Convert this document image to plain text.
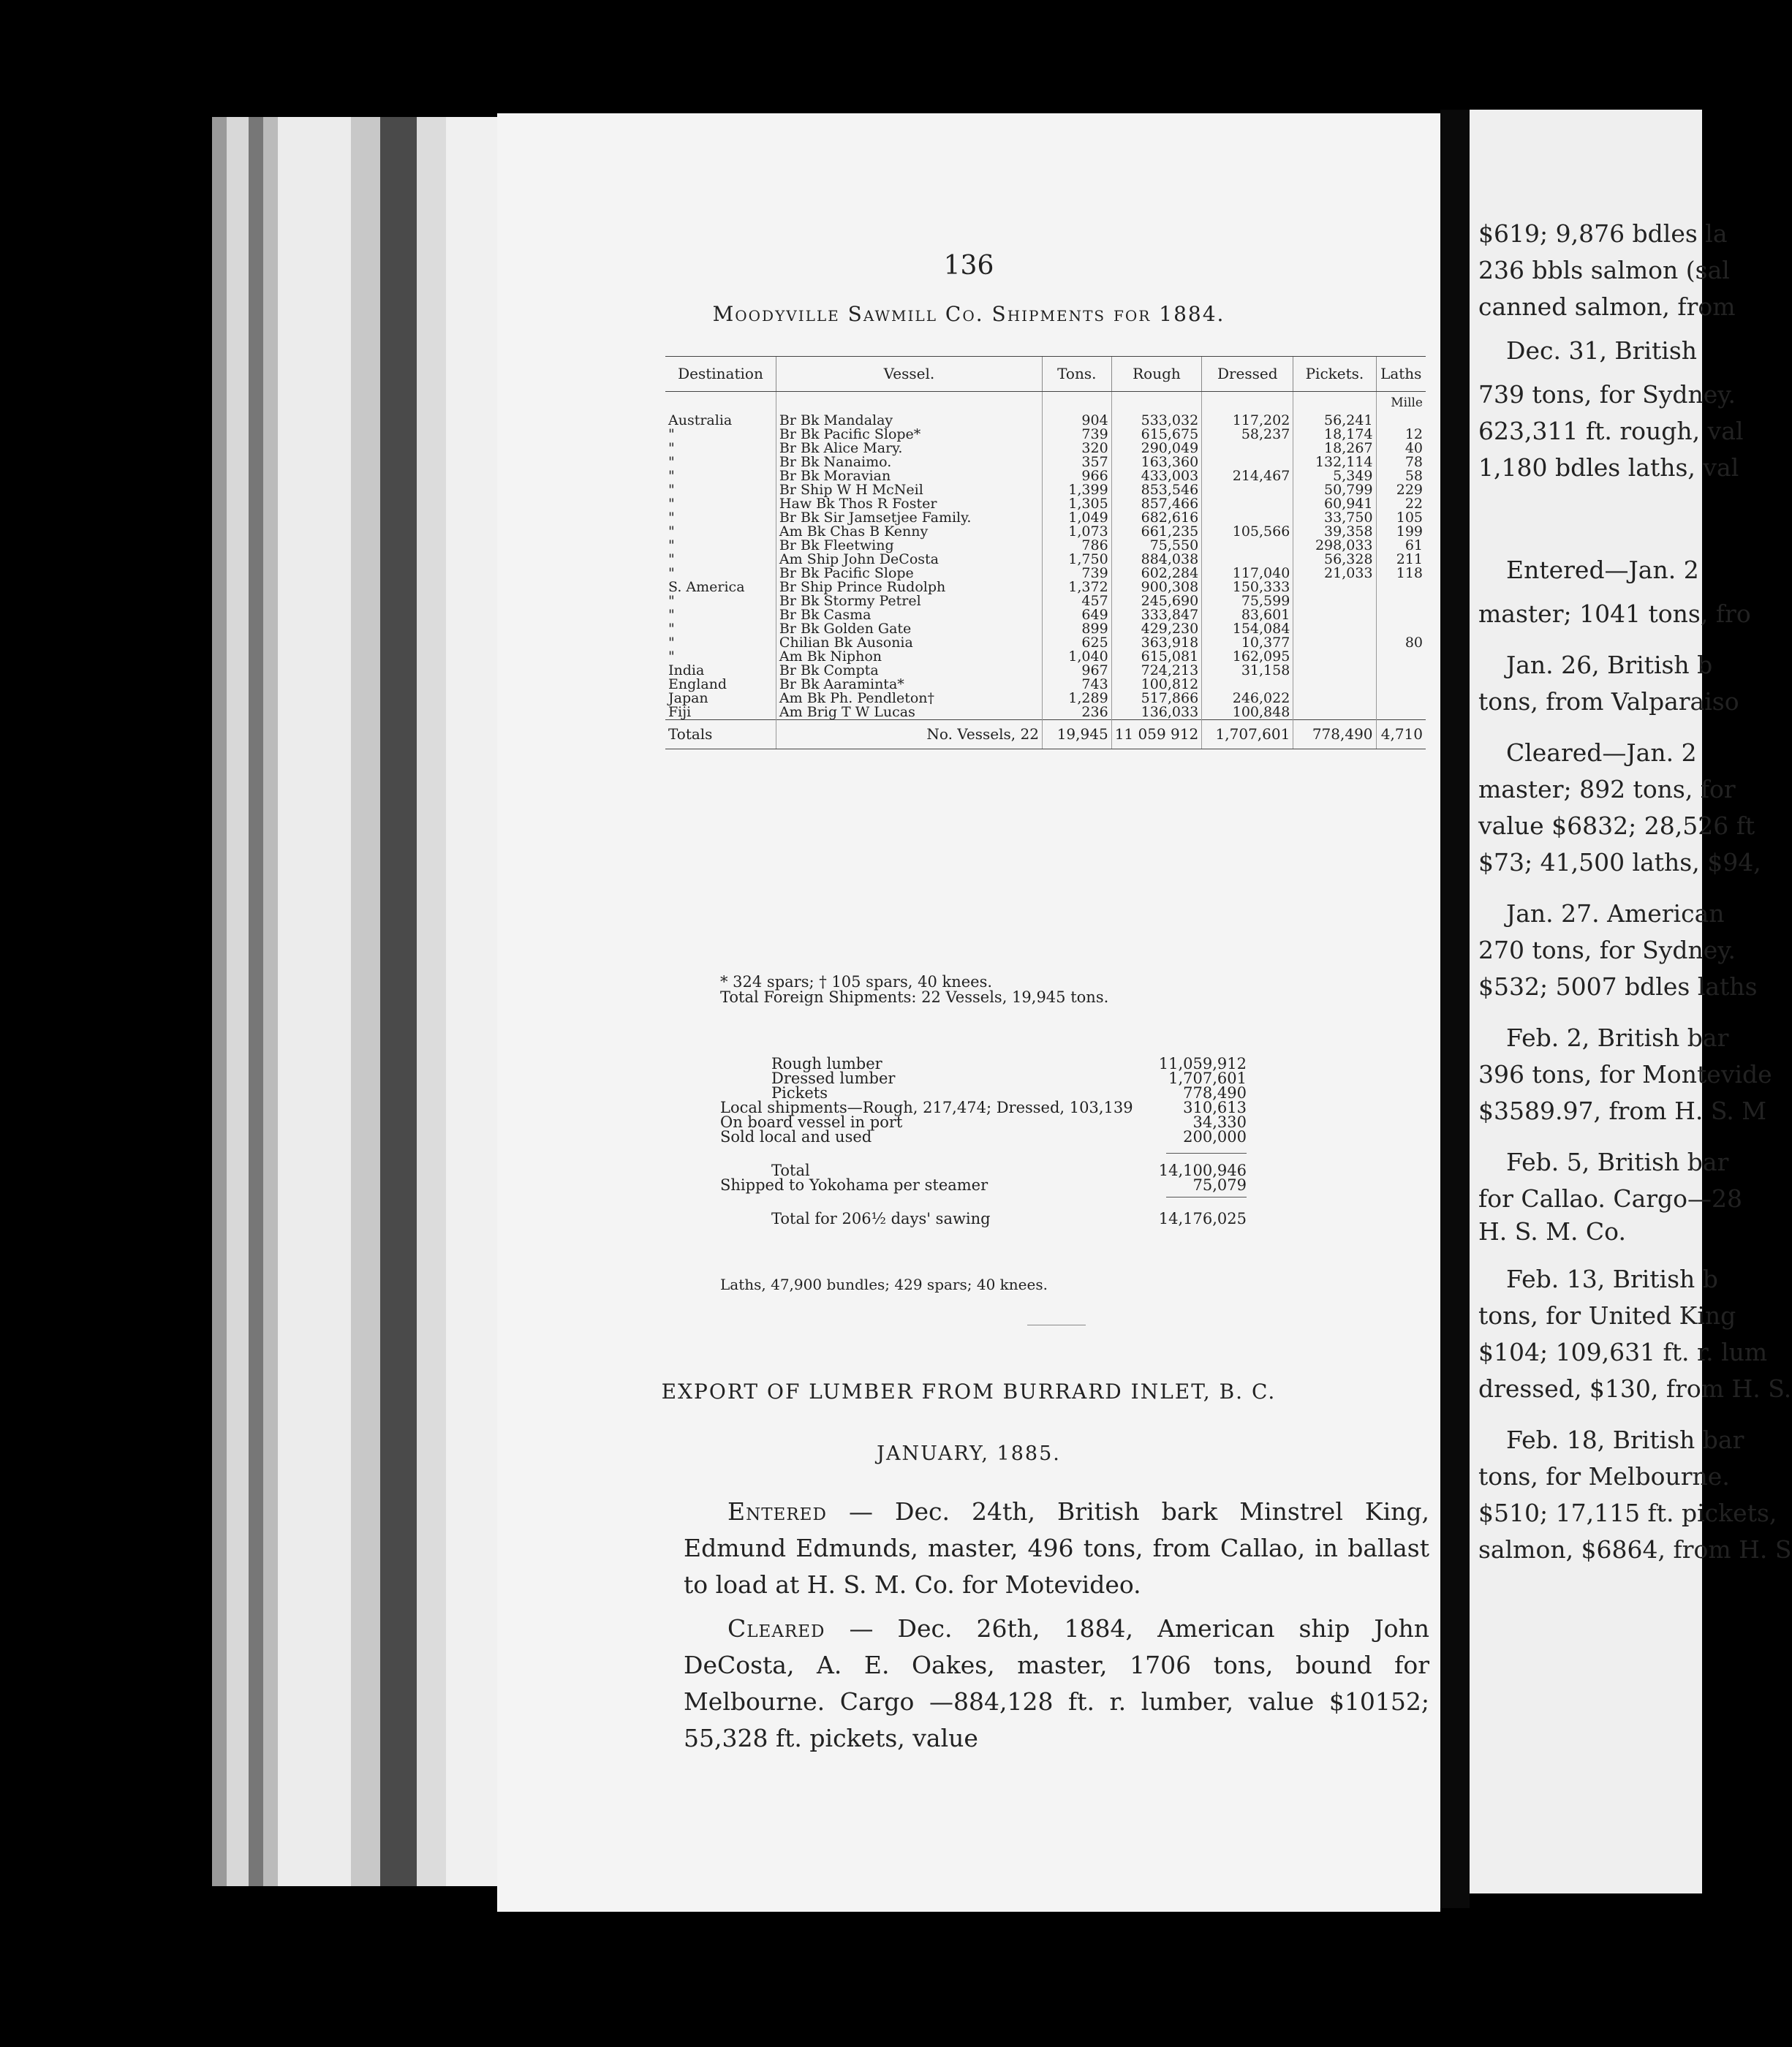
136
Moodyville Sawmill Co. Shipments for 1884.
Destination	Vessel.	Tons.	Rough	Dressed	Pickets.	Laths
Australia	Br Bk Mandalay	904	533,032	117,202	56,241	Mille

"	Br Bk Pacific Slope*	739	615,675	58,237	18,174	12
"	Br Bk Alice Mary.	320	290,049		18,267	40
"	Br Bk Nanaimo.	357	163,360		132,114	78
"	Br Bk Moravian	966	433,003	214,467	5,349	58
"	Br Ship W H McNeil	1,399	853,546		50,799	229
"	Haw Bk Thos R Foster	1,305	857,466		60,941	22
"	Br Bk Sir Jamsetjee Family.	1,049	682,616		33,750	105
"	Am Bk Chas B Kenny	1,073	661,235	105,566	39,358	199
"	Br Bk Fleetwing	786	75,550		298,033	61
"	Am Ship John DeCosta	1,750	884,038		56,328	211
"	Br Bk Pacific Slope	739	602,284	117,040	21,033	118
S. America	Br Ship Prince Rudolph	1,372	900,308	150,333		
"	Br Bk Stormy Petrel	457	245,690	75,599		
"	Br Bk Casma	649	333,847	83,601		
"	Br Bk Golden Gate	899	429,230	154,084		
"	Chilian Bk Ausonia	625	363,918	10,377		80
"	Am Bk Niphon	1,040	615,081	162,095		
India	Br Bk Compta	967	724,213	31,158		
England	Br Bk Aaraminta*	743	100,812			
Japan	Am Bk Ph. Pendleton†	1,289	517,866	246,022		
Fiji	Am Brig T W Lucas	236	136,033	100,848		
Totals	No. Vessels, 22	19,945	11 059 912	1,707,601	778,490	4,710
* 324 spars; † 105 spars, 40 knees.
Total Foreign Shipments: 22 Vessels, 19,945 tons.
Rough lumber	11,059,912
Dressed lumber	1,707,601
Pickets	778,490
Local shipments—Rough, 217,474; Dressed, 103,139	310,613
On board vessel in port	34,330
Sold local and used	200,000
Total	14,100,946
Shipped to Yokohama per steamer	75,079
Total for 206½ days' sawing	14,176,025
Laths, 47,900 bundles; 429 spars; 40 knees.
EXPORT OF LUMBER FROM BURRARD INLET, B. C.
JANUARY, 1885.
Entered — Dec. 24th, British bark Minstrel King, Edmund Edmunds, master, 496 tons, from Callao, in ballast to load at H. S. M. Co. for Motevideo.
Cleared — Dec. 26th, 1884, American ship John DeCosta, A. E. Oakes, master, 1706 tons, bound for Melbourne. Cargo —884,128 ft. r. lumber, value $10152; 55,328 ft. pickets, value
$619; 9,876 bdles la
236 bbls salmon (sal
canned salmon, from
Dec. 31, British
739 tons, for Sydney.
623,311 ft. rough, val
1,180 bdles laths, val
Entered—Jan. 2
master; 1041 tons, fro
Jan. 26, British b
tons, from Valparaiso
Cleared—Jan. 2
master; 892 tons, for
value $6832; 28,526 ft
$73; 41,500 laths, $94,
Jan. 27. American
270 tons, for Sydney.
$532; 5007 bdles laths
Feb. 2, British bar
396 tons, for Montevide
$3589.97, from H. S. M
Feb. 5, British bar
for Callao. Cargo—28
H. S. M. Co.
Feb. 13, British b
tons, for United King
$104; 109,631 ft. r. lum
dressed, $130, from H. S.
Feb. 18, British bar
tons, for Melbourne.
$510; 17,115 ft. pickets,
salmon, $6864, from H. S
